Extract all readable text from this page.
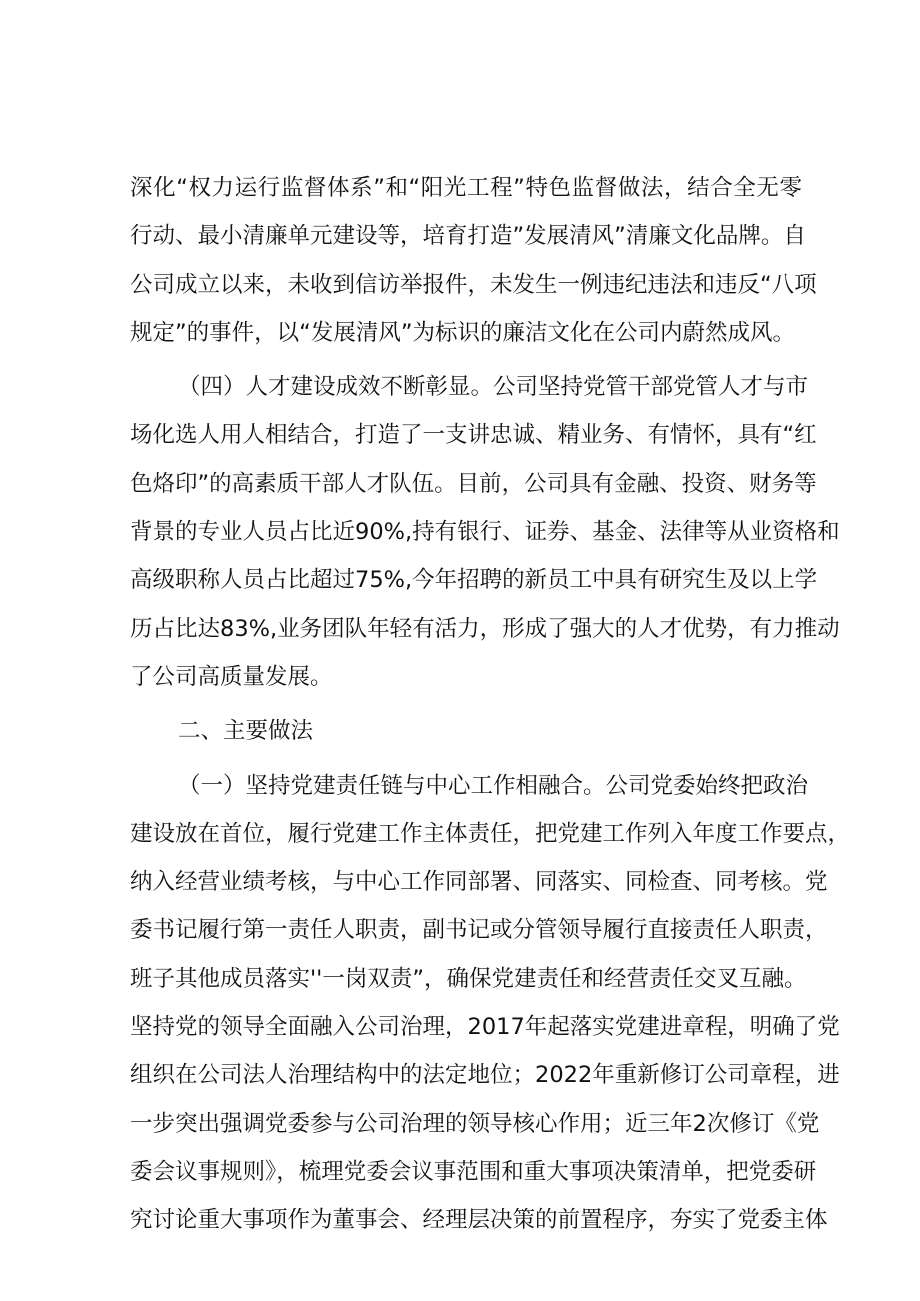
深化“权力运行监督体系”和“阳光工程”特色监督做法，结合全无零
行动、最小清廉单元建设等，培育打造”发展清风”清廉文化品牌。自
公司成立以来，未收到信访举报件，未发生一例违纪违法和违反“八项
规定”的事件，以“发展清风”为标识的廉洁文化在公司内蔚然成风。
（四）人才建设成效不断彰显。公司坚持党管干部党管人才与市
场化选人用人相结合，打造了一支讲忠诚、精业务、有情怀，具有“红
色烙印”的高素质干部人才队伍。目前，公司具有金融、投资、财务等
背景的专业人员占比近90%,持有银行、证券、基金、法律等从业资格和
高级职称人员占比超过75%,今年招聘的新员工中具有研究生及以上学
历占比达83%,业务团队年轻有活力，形成了强大的人才优势，有力推动
了公司高质量发展。
二、主要做法
（一）坚持党建责任链与中心工作相融合。公司党委始终把政治
建设放在首位，履行党建工作主体责任，把党建工作列入年度工作要点，
纳入经营业绩考核，与中心工作同部署、同落实、同检查、同考核。党
委书记履行第一责任人职责，副书记或分管领导履行直接责任人职责，
班子其他成员落实''一岗双责”，确保党建责任和经营责任交叉互融。
坚持党的领导全面融入公司治理，2017年起落实党建进章程，明确了党
组织在公司法人治理结构中的法定地位；2022年重新修订公司章程，进
一步突出强调党委参与公司治理的领导核心作用；近三年2次修订《党
委会议事规则》，梳理党委会议事范围和重大事项决策清单，把党委研
究讨论重大事项作为董事会、经理层决策的前置程序，夯实了党委主体
